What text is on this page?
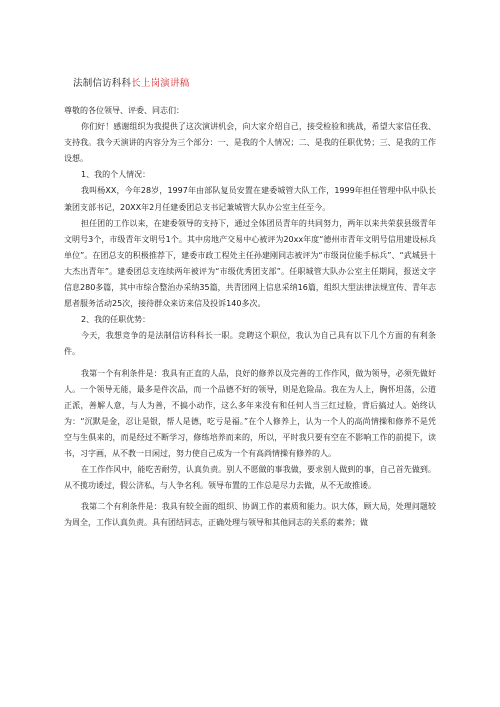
法制信访科科长上岗演讲稿

尊敬的各位领导、评委、同志们：

你们好！感谢组织为我提供了这次演讲机会，向大家介绍自己，接受检验和挑战，希望大家信任我、支持我。我今天演讲的内容分为三个部分：一、是我的个人情况；二、是我的任职优势；三、是我的工作设想。

1、我的个人情况：

我叫杨XX，今年28岁，1997年由部队复员安置在建委城管大队工作，1999年担任管理中队中队长兼团支部书记，20XX年2月任建委团总支书记兼城管大队办公室主任至今。

担任团的工作以来，在建委领导的支持下，通过全体团员青年的共同努力，两年以来共荣获县级青年文明号3个，市级青年文明号1个。其中房地产交易中心被评为20xx年度“德州市青年文明号信用建设标兵单位”。在团总支的积极推荐下，建委市政工程处主任孙建刚同志被评为“市级岗位能手标兵”、“武城县十大杰出青年”。建委团总支连续两年被评为“市级优秀团支部”。任职城管大队办公室主任期间，报送文字信息280多篇，其中市综合整治办采纳35篇，共青团网上信息采纳16篇，组织大型法律法规宣传、青年志愿者服务活动25次，接待群众来访来信及投诉140多次。

2、我的任职优势：

今天，我想竞争的是法制信访科科长一职。竞聘这个职位，我认为自己具有以下几个方面的有利条件。

我第一个有利条件是：我具有正直的人品，良好的修养以及完善的工作作风，做为领导，必须先做好人。一个领导无能，最多是件次品，而一个品德不好的领导，则是危险品。我在为人上，胸怀坦荡，公道正派，善解人意，与人为善，不搞小动作，这么多年来没有和任何人当三红过脸，背后搞过人。始终认为：“沉默是金，忍让是银，帮人是德，吃亏是福。”在个人修养上，认为一个人的高尚情操和修养不是凭空与生俱来的，而是经过不断学习，修练培养而来的，所以，平时我只要有空在不影响工作的前提下，读书，习字画，从不教一日闲过，努力使自己成为一个有高尚情操有修养的人。

在工作作风中，能吃苦耐劳，认真负责。别人不愿做的事我做，要求别人做到的事，自己首先做到。从不揽功诿过，假公济私，与人争名利。领导布置的工作总是尽力去做，从不无故推诿。

我第二个有利条件是：我具有较全面的组织、协调工作的素质和能力。识大体，顾大局，处理问题较为周全，工作认真负责。具有团结同志，正确处理与领导和其他同志的关系的素养；做
